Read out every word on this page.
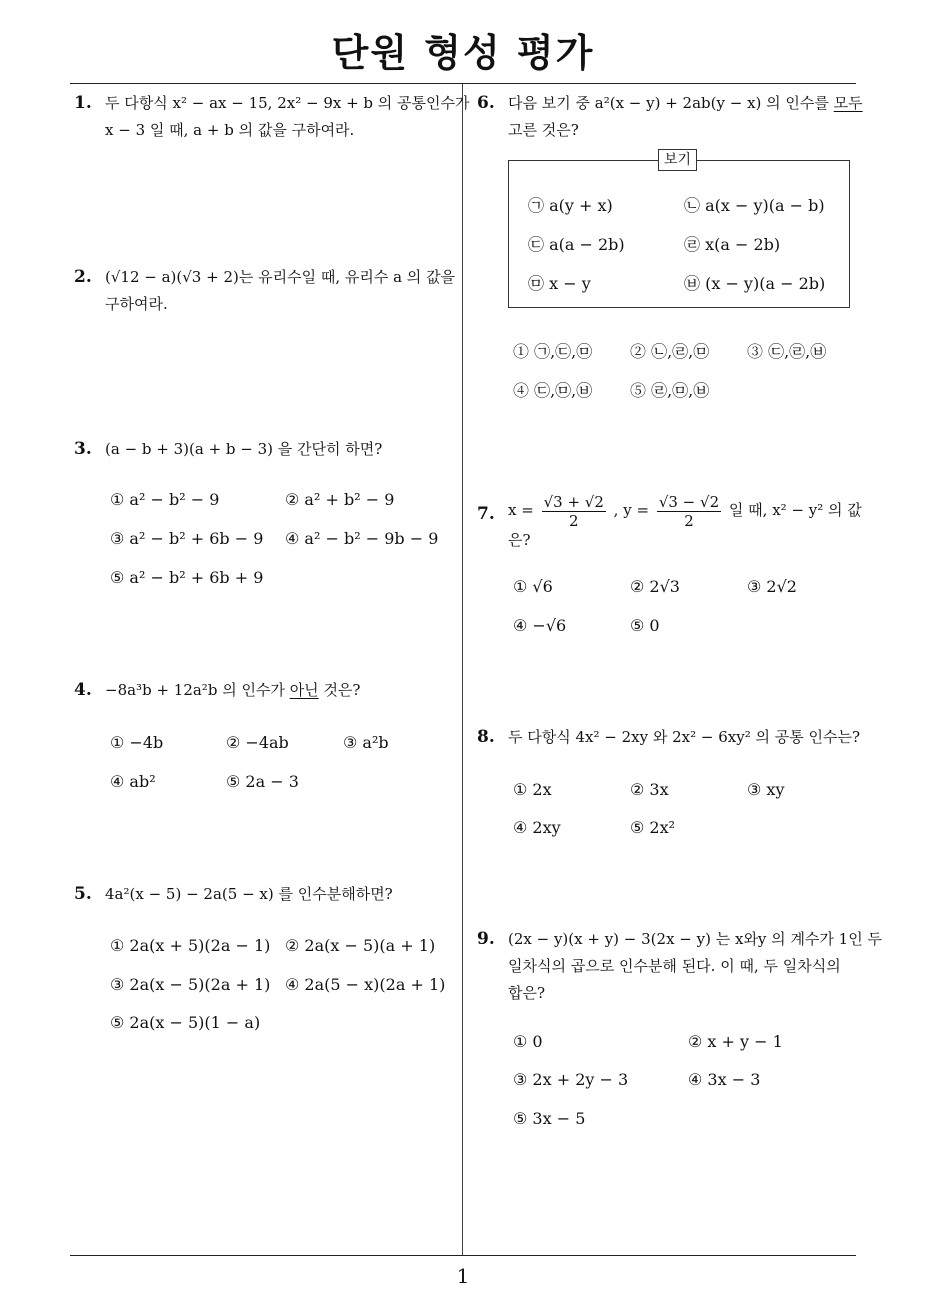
단원 형성 평가
1. 두 다항식 x² − ax − 15, 2x² − 9x + b 의 공통인수가
x − 3 일 때, a + b 의 값을 구하여라.
2. (√12 − a)(√3 + 2)는 유리수일 때, 유리수 a 의 값을
구하여라.
3. (a − b + 3)(a + b − 3) 을 간단히 하면?
① a² − b² − 9	② a² + b² − 9
③ a² − b² + 6b − 9 ④ a² − b² − 9b − 9
⑤ a² − b² + 6b + 9
4. −8a³b + 12a²b 의 인수가 아닌 것은?
① −4b	② −4ab	③ a²b
④ ab²	⑤ 2a − 3
5. 4a²(x − 5) − 2a(5 − x) 를 인수분해하면?
① 2a(x + 5)(2a − 1) ② 2a(x − 5)(a + 1)
③ 2a(x − 5)(2a + 1) ④ 2a(5 − x)(2a + 1)
⑤ 2a(x − 5)(1 − a)
6. 다음 보기 중 a²(x − y) + 2ab(y − x) 의 인수를 모두
고른 것은?
보기
㉠ a(y + x)	㉡ a(x − y)(a − b)
㉢ a(a − 2b)	㉣ x(a − 2b)
㉤ x − y	㉥ (x − y)(a − 2b)
① ㉠,㉢,㉤ ② ㉡,㉣,㉤ ③ ㉢,㉣,㉥
④ ㉢,㉤,㉥ ⑤ ㉣,㉤,㉥
7. $x = \frac{√3 + √2}{2}$ , $y = \frac{√3 - √2}{2}$ 일 때, x² − y² 의 값
은?
① √6	② 2√3	③ 2√2
④ −√6	⑤ 0
8. 두 다항식 4x² − 2xy 와 2x² − 6xy² 의 공통 인수는?
① 2x	② 3x	③ xy
④ 2xy	⑤ 2x²
9. (2x − y)(x + y) − 3(2x − y) 는 x와y 의 계수가 1인 두
일차식의 곱으로 인수분해 된다. 이 때, 두 일차식의
합은?
① 0	② x + y − 1
③ 2x + 2y − 3	④ 3x − 3
⑤ 3x − 5
1
